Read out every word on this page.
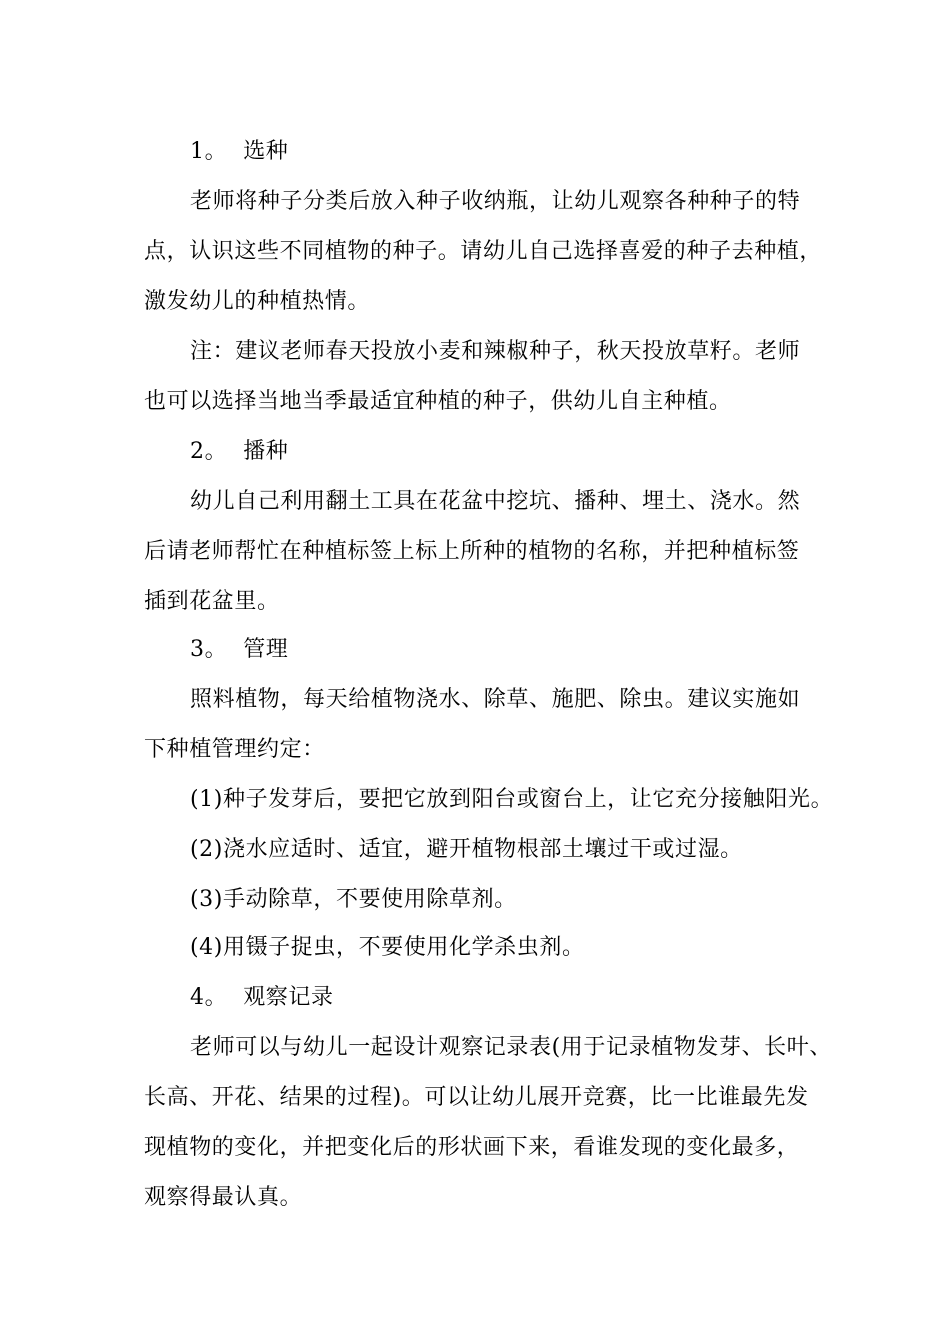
1。 选种
老师将种子分类后放入种子收纳瓶，让幼儿观察各种种子的特
点，认识这些不同植物的种子。请幼儿自己选择喜爱的种子去种植，
激发幼儿的种植热情。
注：建议老师春天投放小麦和辣椒种子，秋天投放草籽。老师
也可以选择当地当季最适宜种植的种子，供幼儿自主种植。
2。 播种
幼儿自己利用翻土工具在花盆中挖坑、播种、埋土、浇水。然
后请老师帮忙在种植标签上标上所种的植物的名称，并把种植标签
插到花盆里。
3。 管理
照料植物，每天给植物浇水、除草、施肥、除虫。建议实施如
下种植管理约定：
(1)种子发芽后，要把它放到阳台或窗台上，让它充分接触阳光。
(2)浇水应适时、适宜，避开植物根部土壤过干或过湿。
(3)手动除草，不要使用除草剂。
(4)用镊子捉虫，不要使用化学杀虫剂。
4。 观察记录
老师可以与幼儿一起设计观察记录表(用于记录植物发芽、长叶、
长高、开花、结果的过程)。可以让幼儿展开竞赛，比一比谁最先发
现植物的变化，并把变化后的形状画下来，看谁发现的变化最多，
观察得最认真。
